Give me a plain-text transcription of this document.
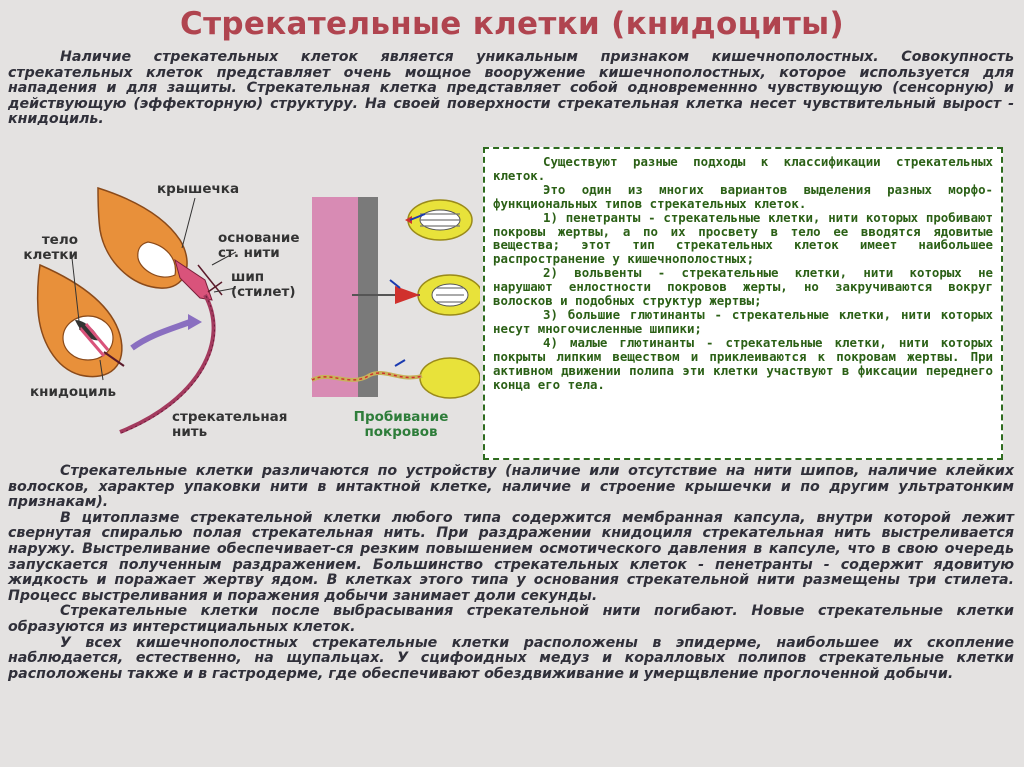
Стрекательные клетки (книдоциты)

Наличие стрекательных клеток является уникальным признаком кишечнополостных. Совокупность стрекательных клеток представляет очень мощное вооружение кишечнополостных, которое используется для нападения и для защиты. Стрекательная клетка представляет собой одновременнно чувствующую (сенсорную) и действующую (эффекторную) структуру. На своей поверхности стрекательная клетка несет чувствительный вырост - книдоциль.

крышечка
тело клетки
основание ст. нити
шип (стилет)
книдоциль
стрекательная нить
Пробивание покровов

Существуют разные подходы к классификации стрекательных клеток.

Это один из многих вариантов выделения разных морфо-функциональных типов стрекательных клеток.

1) пенетранты - стрекательные клетки, нити которых пробивают покровы жертвы, а по их просвету в тело ее вводятся ядовитые вещества; этот тип стрекательных клеток имеет наибольшее распространение у кишечнополостных;

2) вольвенты - стрекательные клетки, нити которых не нарушают енлостности покровов жерты, но закручиваются вокруг волосков и подобных структур жертвы;

3) большие глютинанты - стрекательные клетки, нити которых несут многочисленные шипики;

4) малые глютинанты - стрекательные клетки, нити которых покрыты липким веществом и приклеиваются к покровам жертвы. При активном движении полипа эти клетки участвуют в фиксации переднего конца его тела.

Стрекательные клетки различаются по устройству (наличие или отсутствие на нити шипов, наличие клейких волосков, характер упаковки нити в интактной клетке, наличие и строение крышечки и по другим ультратонким признакам).

В цитоплазме стрекательной клетки любого типа содержится мембранная капсула, внутри которой лежит свернутая спиралью полая стрекательная нить. При раздражении книдоциля стрекательная нить выстреливается наружу. Выстреливание обеспечивает-ся резким повышением осмотического давления в капсуле, что в свою очередь запускается полученным раздражением. Большинство стрекательных клеток - пенетранты - содержит ядовитую жидкость и поражает жертву ядом. В клетках этого типа у основания стрекательной нити размещены три стилета. Процесс выстреливания и поражения добычи занимает доли секунды.

Стрекательные клетки после выбрасывания стрекательной нити погибают. Новые стрекательные клетки образуются из интерстициальных клеток.

У всех кишечнополостных стрекательные клетки расположены в эпидерме, наибольшее их скопление наблюдается, естественно, на щупальцах. У сцифоидных медуз и коралловых полипов стрекательные клетки расположены также и в гастродерме, где обеспечивают обездвиживание и умерщвление проглоченной добычи.
